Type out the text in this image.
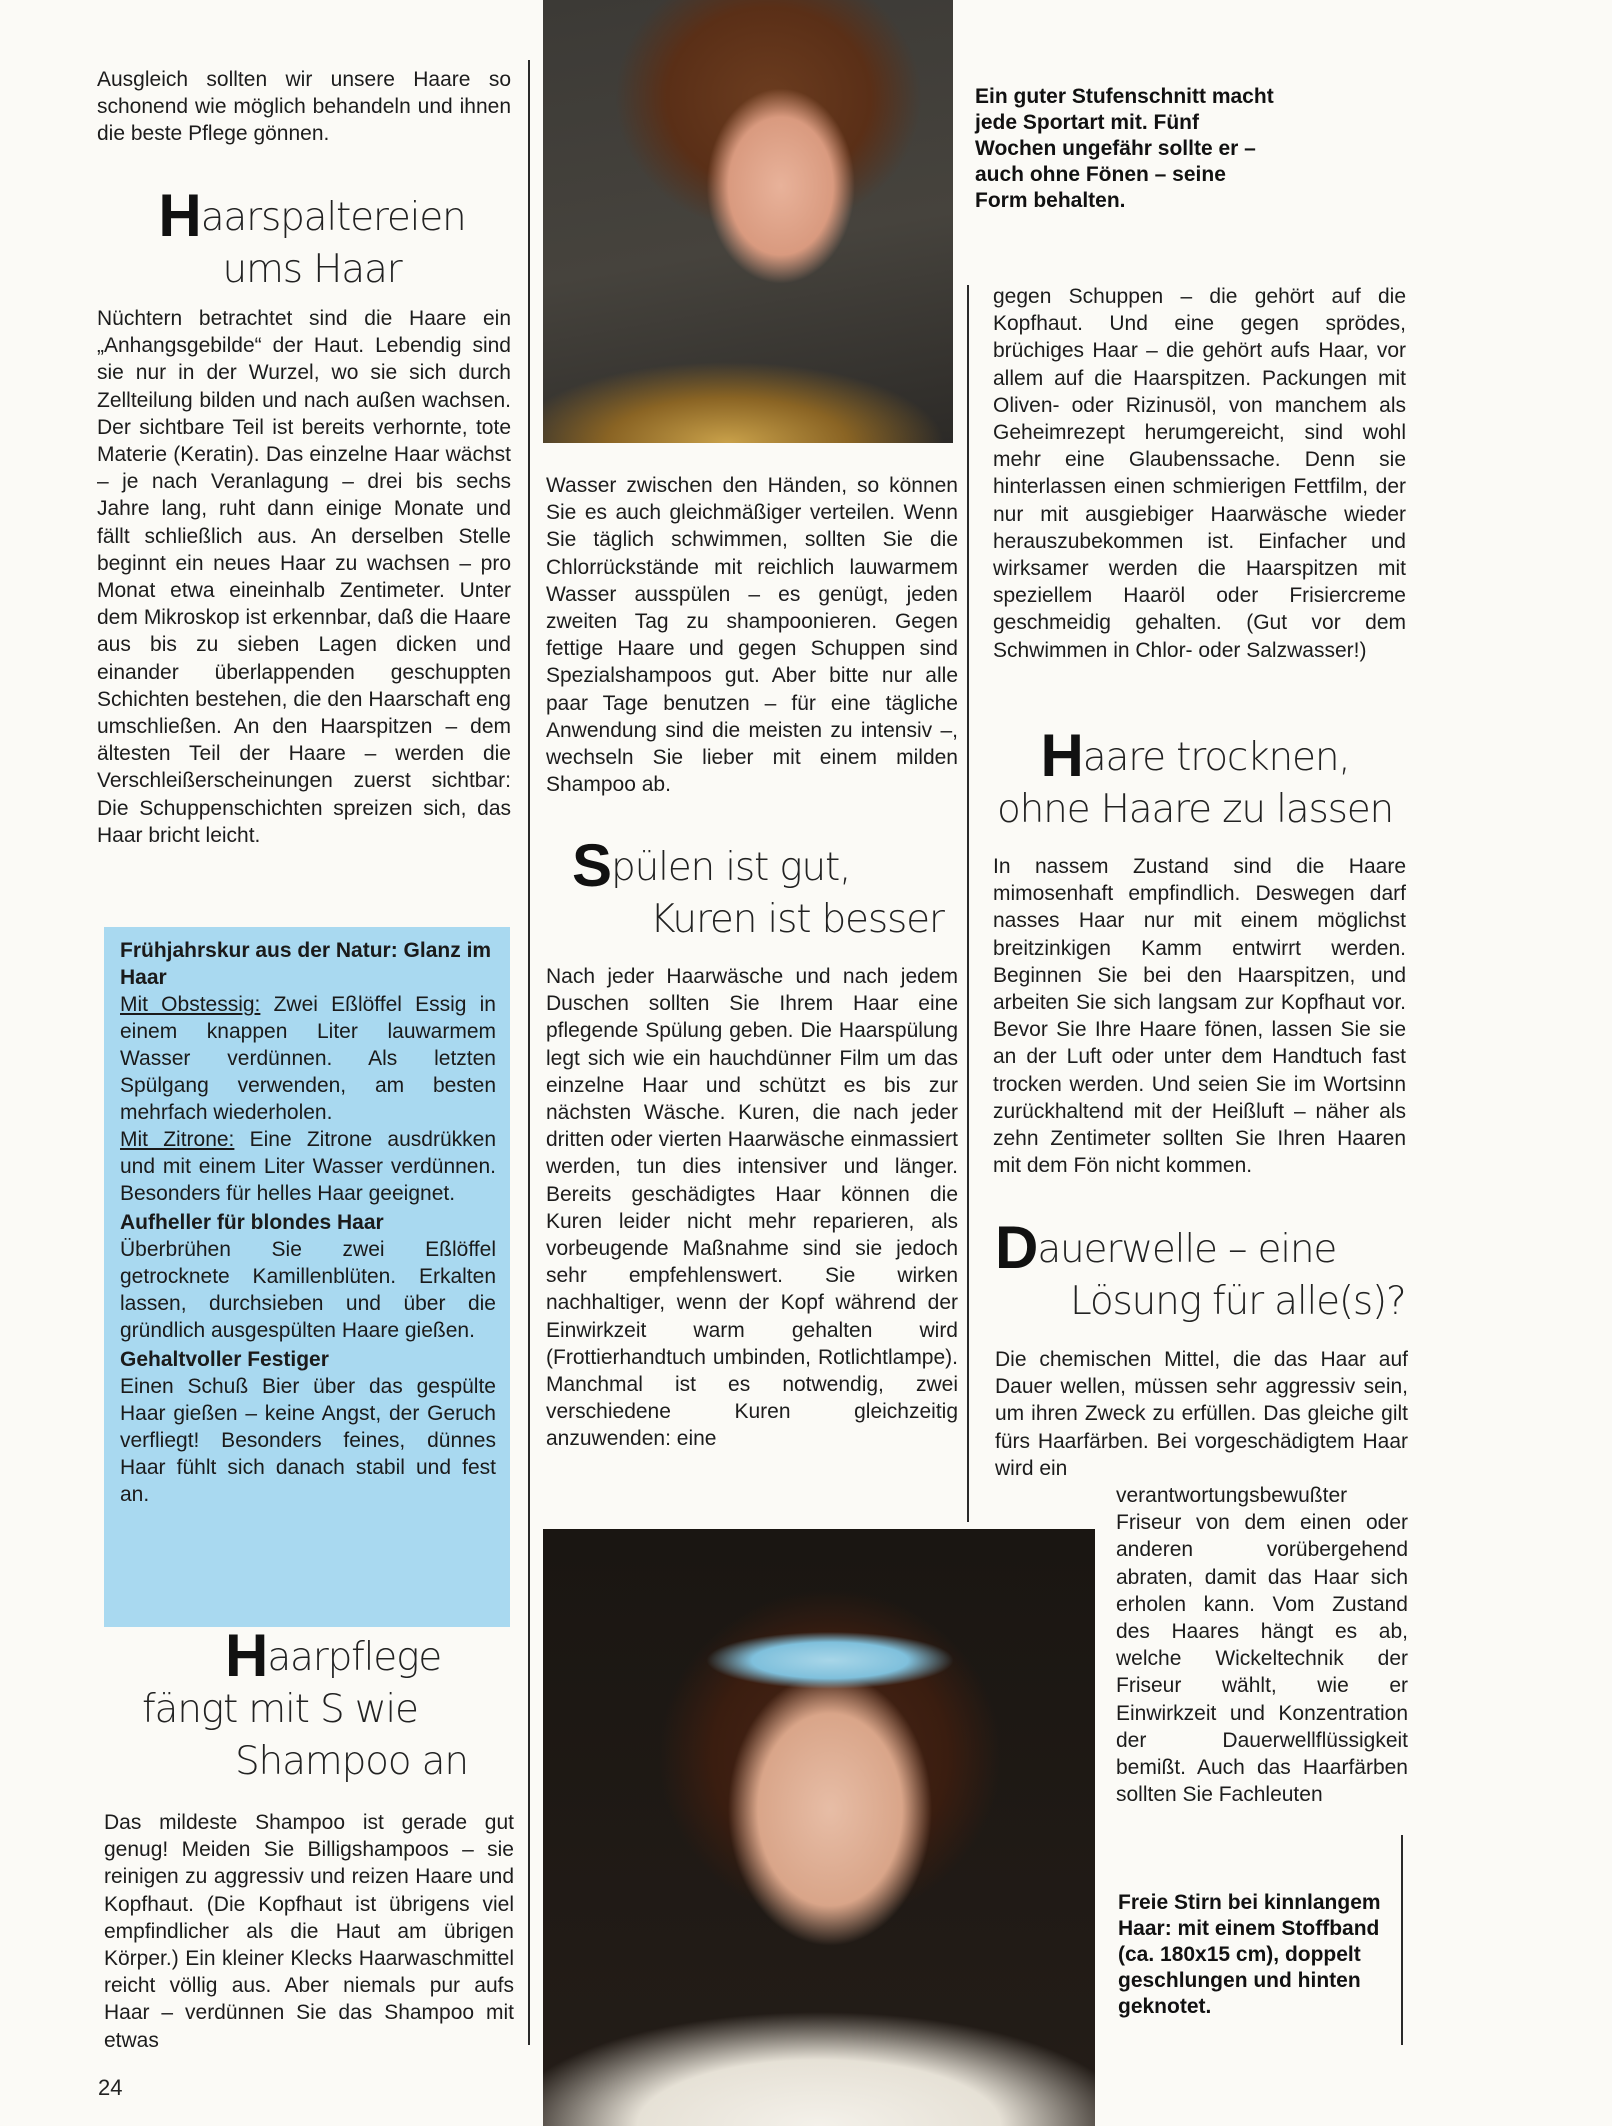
Ausgleich sollten wir unsere Haare so schonend wie möglich behandeln und ihnen die beste Pflege gönnen.

Haarspaltereien
ums Haar

Nüchtern betrachtet sind die Haare ein „Anhangsgebilde“ der Haut. Lebendig sind sie nur in der Wurzel, wo sie sich durch Zellteilung bilden und nach außen wachsen. Der sichtbare Teil ist bereits verhornte, tote Materie (Keratin). Das einzelne Haar wächst – je nach Veranlagung – drei bis sechs Jahre lang, ruht dann einige Monate und fällt schließlich aus. An derselben Stelle beginnt ein neues Haar zu wachsen – pro Monat etwa eineinhalb Zentimeter. Unter dem Mikroskop ist erkennbar, daß die Haare aus bis zu sieben Lagen dicken und einander überlappenden geschuppten Schichten bestehen, die den Haarschaft eng umschließen. An den Haarspitzen – dem ältesten Teil der Haare – werden die Verschleißerscheinungen zuerst sichtbar: Die Schuppenschichten spreizen sich, das Haar bricht leicht.

Frühjahrskur aus der Natur: Glanz im Haar

Mit Obstessig: Zwei Eßlöffel Essig in einem knappen Liter lauwarmem Wasser verdünnen. Als letzten Spülgang verwenden, am besten mehrfach wiederholen.

Mit Zitrone: Eine Zitrone ausdrükken und mit einem Liter Wasser verdünnen. Besonders für helles Haar geeignet.

Aufheller für blondes Haar

Überbrühen Sie zwei Eßlöffel getrocknete Kamillenblüten. Erkalten lassen, durchsieben und über die gründlich ausgespülten Haare gießen.

Gehaltvoller Festiger

Einen Schuß Bier über das gespülte Haar gießen – keine Angst, der Geruch verfliegt! Besonders feines, dünnes Haar fühlt sich danach stabil und fest an.

Haarpflege
fängt mit S wie
Shampoo an

Das mildeste Shampoo ist gerade gut genug! Meiden Sie Billigshampoos – sie reinigen zu aggressiv und reizen Haare und Kopfhaut. (Die Kopfhaut ist übrigens viel empfindlicher als die Haut am übrigen Körper.) Ein kleiner Klecks Haarwaschmittel reicht völlig aus. Aber niemals pur aufs Haar – verdünnen Sie das Shampoo mit etwas

24

Wasser zwischen den Händen, so können Sie es auch gleichmäßiger verteilen. Wenn Sie täglich schwimmen, sollten Sie die Chlorrückstände mit reichlich lauwarmem Wasser ausspülen – es genügt, jeden zweiten Tag zu shampoonieren. Gegen fettige Haare und gegen Schuppen sind Spezialshampoos gut. Aber bitte nur alle paar Tage benutzen – für eine tägliche Anwendung sind die meisten zu intensiv –, wechseln Sie lieber mit einem milden Shampoo ab.

Spülen ist gut,
Kuren ist besser

Nach jeder Haarwäsche und nach jedem Duschen sollten Sie Ihrem Haar eine pflegende Spülung geben. Die Haarspülung legt sich wie ein hauchdünner Film um das einzelne Haar und schützt es bis zur nächsten Wäsche. Kuren, die nach jeder dritten oder vierten Haarwäsche einmassiert werden, tun dies intensiver und länger. Bereits geschädigtes Haar können die Kuren leider nicht mehr reparieren, als vorbeugende Maßnahme sind sie jedoch sehr empfehlenswert. Sie wirken nachhaltiger, wenn der Kopf während der Einwirkzeit warm gehalten wird (Frottierhandtuch umbinden, Rotlichtlampe). Manchmal ist es notwendig, zwei verschiedene Kuren gleichzeitig anzuwenden: eine

Ein guter Stufenschnitt macht jede Sportart mit. Fünf Wochen ungefähr sollte er – auch ohne Fönen – seine Form behalten.

gegen Schuppen – die gehört auf die Kopfhaut. Und eine gegen sprödes, brüchiges Haar – die gehört aufs Haar, vor allem auf die Haarspitzen. Packungen mit Oliven- oder Rizinusöl, von manchem als Geheimrezept herumgereicht, sind wohl mehr eine Glaubenssache. Denn sie hinterlassen einen schmierigen Fettfilm, der nur mit ausgiebiger Haarwäsche wieder herauszubekommen ist. Einfacher und wirksamer werden die Haarspitzen mit speziellem Haaröl oder Frisiercreme geschmeidig gehalten. (Gut vor dem Schwimmen in Chlor- oder Salzwasser!)

Haare trocknen,
ohne Haare zu lassen

In nassem Zustand sind die Haare mimosenhaft empfindlich. Deswegen darf nasses Haar nur mit einem möglichst breitzinkigen Kamm entwirrt werden. Beginnen Sie bei den Haarspitzen, und arbeiten Sie sich langsam zur Kopfhaut vor. Bevor Sie Ihre Haare fönen, lassen Sie sie an der Luft oder unter dem Handtuch fast trocken werden. Und seien Sie im Wortsinn zurückhaltend mit der Heißluft – näher als zehn Zentimeter sollten Sie Ihren Haaren mit dem Fön nicht kommen.

Dauerwelle – eine
Lösung für alle(s)?

Die chemischen Mittel, die das Haar auf Dauer wellen, müssen sehr aggressiv sein, um ihren Zweck zu erfüllen. Das gleiche gilt fürs Haarfärben. Bei vorgeschädigtem Haar wird ein

verantwortungsbewußter Friseur von dem einen oder anderen vorübergehend abraten, damit das Haar sich erholen kann. Vom Zustand des Haares hängt es ab, welche Wickeltechnik der Friseur wählt, wie er Einwirkzeit und Konzentration der Dauerwellflüssigkeit bemißt. Auch das Haarfärben sollten Sie Fachleuten

Freie Stirn bei kinnlangem Haar: mit einem Stoffband (ca. 180x15 cm), doppelt geschlungen und hinten geknotet.
